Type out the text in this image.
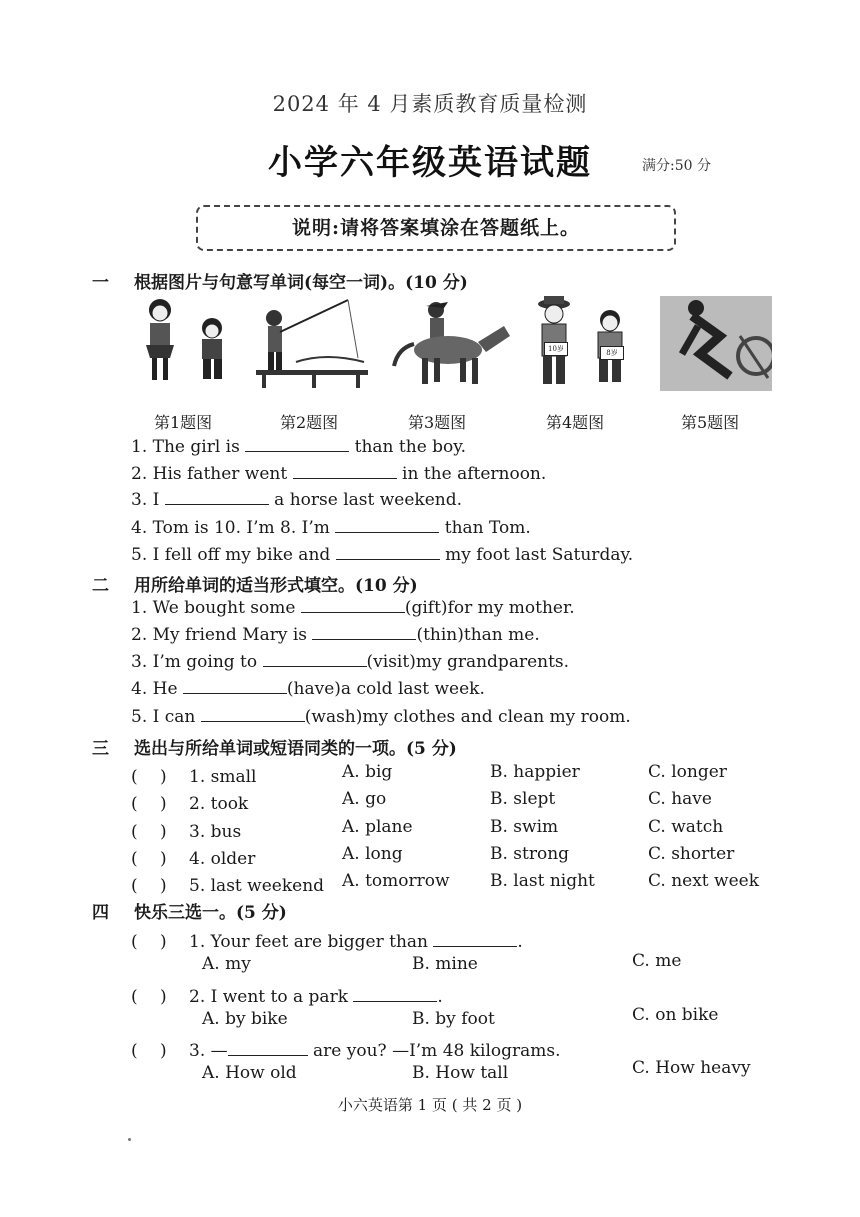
2024 年 4 月素质教育质量检测
小学六年级英语试题	满分:50 分
说明:请将答案填涂在答题纸上。
一 根据图片与句意写单词(每空一词)。(10 分)
10岁	8岁
第1题图	第2题图	第3题图	第4题图	第5题图
1. The girl is	than the boy.
2. His father went	in the afternoon.
3. I	a horse last weekend.
4. Tom is 10. I’m 8. I’m	than Tom.
5. I fell off my bike and	my foot last Saturday.
二 用所给单词的适当形式填空。(10 分)
1. We bought some	(gift)for my mother.
2. My friend Mary is	(thin)than me.
3. I’m going to	(visit)my grandparents.
4. He	(have)a cold last week.
5. I can	(wash)my clothes and clean my room.
三 选出与所给单词或短语同类的一项。(5 分)
(　 ) 1. small	A. big	B. happier	C. longer
(　 ) 2. took	A. go	B. slept	C. have
(　 ) 3. bus	A. plane	B. swim	C. watch
(　 ) 4. older	A. long	B. strong	C. shorter
(　 ) 5. last weekend A. tomorrow B. last night	C. next week
四 快乐三选一。(5 分)
(　 ) 1. Your feet are bigger than	.
A. my	B. mine	C. me
(　 ) 2. I went to a park	.
A. by bike	B. by foot	C. on bike
(　 ) 3. —	are you? —I’m 48 kilograms.
A. How old	B. How tall	C. How heavy
小六英语第 1 页 ( 共 2 页 )
